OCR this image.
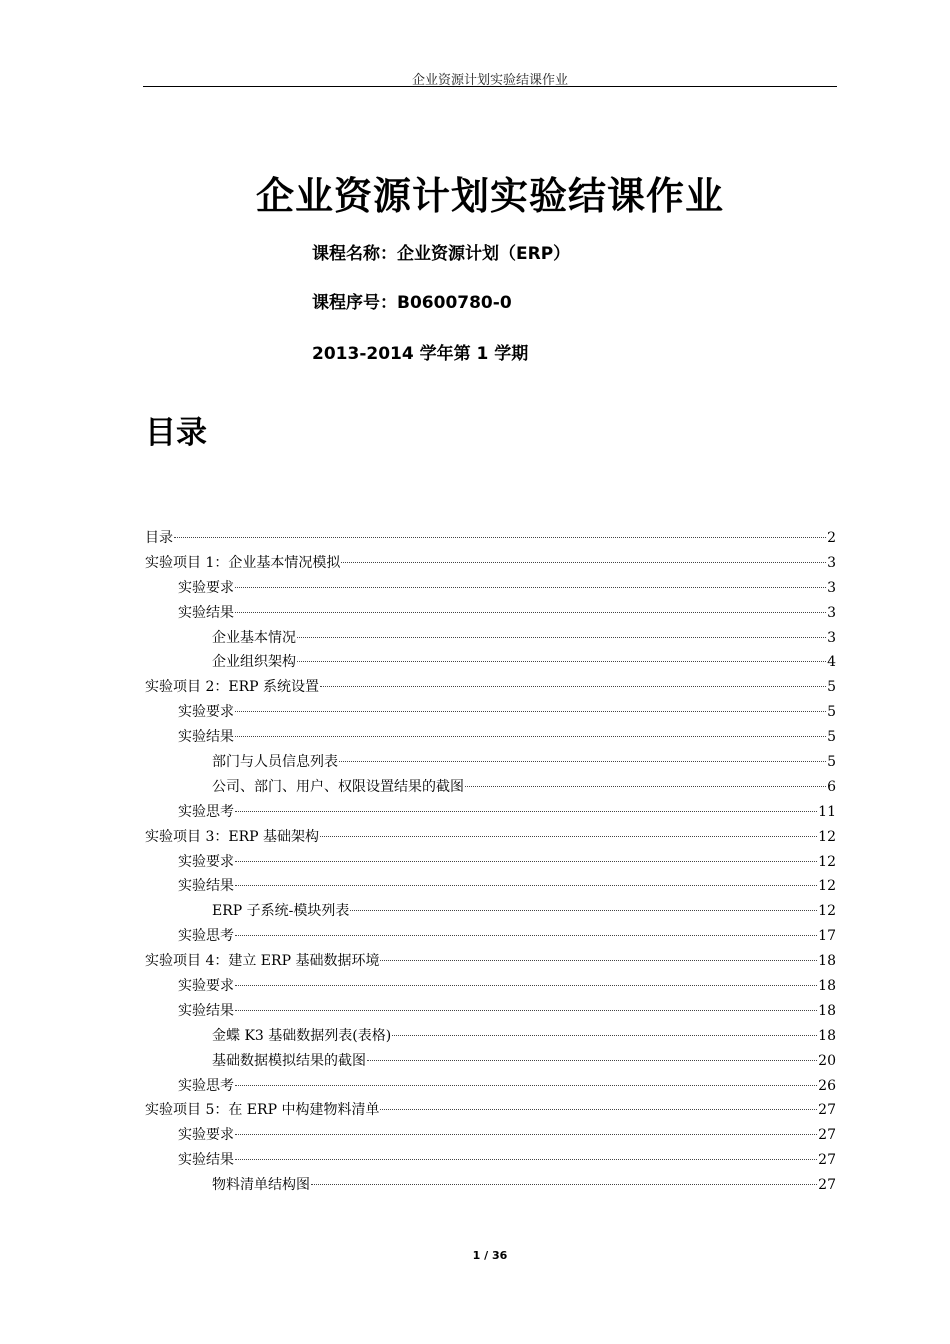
企业资源计划实验结课作业
企业资源计划实验结课作业
课程名称：企业资源计划（ERP）
课程序号：B0600780-0
2013-2014 学年第 1 学期
目录
目录	2
实验项目 1：企业基本情况模拟	3
实验要求	3
实验结果	3
企业基本情况	3
企业组织架构	4
实验项目 2：ERP 系统设置	5
实验要求	5
实验结果	5
部门与人员信息列表	5
公司、部门、用户、权限设置结果的截图	6
实验思考	11
实验项目 3：ERP 基础架构	12
实验要求	12
实验结果	12
ERP 子系统-模块列表	12
实验思考	17
实验项目 4：建立 ERP 基础数据环境	18
实验要求	18
实验结果	18
金蝶 K3 基础数据列表(表格)	18
基础数据模拟结果的截图	20
实验思考	26
实验项目 5：在 ERP 中构建物料清单	27
实验要求	27
实验结果	27
物料清单结构图	27
1 / 36
